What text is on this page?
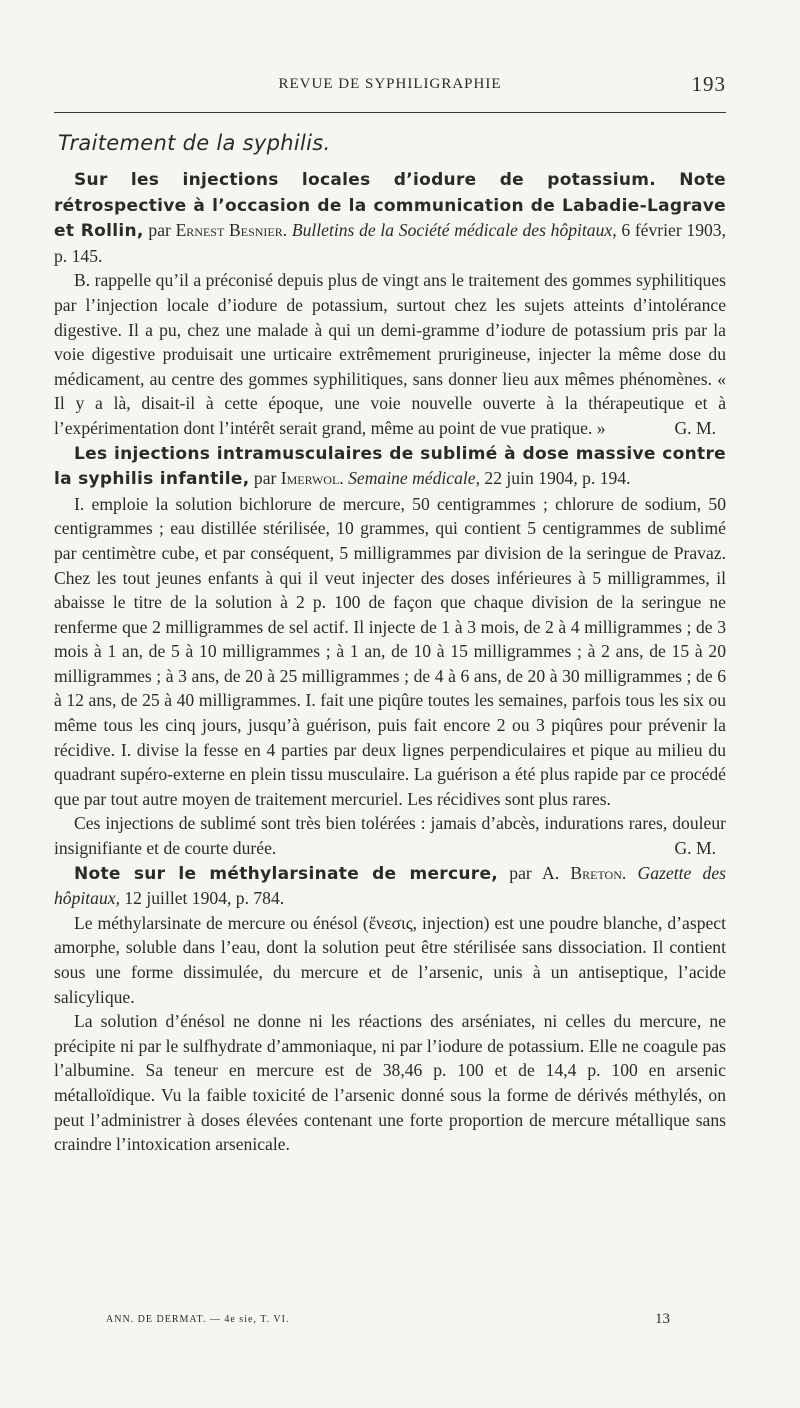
REVUE DE SYPHILIGRAPHIE	193
Traitement de la syphilis.

Sur les injections locales d’iodure de potassium. Note rétrospective à l’occasion de la communication de Labadie-Lagrave et Rollin, par Ernest Besnier. Bulletins de la Société médicale des hôpitaux, 6 février 1903, p. 145.

B. rappelle qu’il a préconisé depuis plus de vingt ans le traitement des gommes syphilitiques par l’injection locale d’iodure de potassium, surtout chez les sujets atteints d’intolérance digestive. Il a pu, chez une malade à qui un demi-gramme d’iodure de potassium pris par la voie digestive produisait une urticaire extrêmement prurigineuse, injecter la même dose du médicament, au centre des gommes syphilitiques, sans donner lieu aux mêmes phénomènes. « Il y a là, disait-il à cette époque, une voie nouvelle ouverte à la thérapeutique et à l’expérimentation dont l’intérêt serait grand, même au point de vue pratique. »	G. M.

Les injections intramusculaires de sublimé à dose massive contre la syphilis infantile, par Imerwol. Semaine médicale, 22 juin 1904, p. 194.

I. emploie la solution bichlorure de mercure, 50 centigrammes ; chlorure de sodium, 50 centigrammes ; eau distillée stérilisée, 10 grammes, qui contient 5 centigrammes de sublimé par centimètre cube, et par conséquent, 5 milligrammes par division de la seringue de Pravaz. Chez les tout jeunes enfants à qui il veut injecter des doses inférieures à 5 milligrammes, il abaisse le titre de la solution à 2 p. 100 de façon que chaque division de la seringue ne renferme que 2 milligrammes de sel actif. Il injecte de 1 à 3 mois, de 2 à 4 milligrammes ; de 3 mois à 1 an, de 5 à 10 milligrammes ; à 1 an, de 10 à 15 milligrammes ; à 2 ans, de 15 à 20 milligrammes ; à 3 ans, de 20 à 25 milligrammes ; de 4 à 6 ans, de 20 à 30 milligrammes ; de 6 à 12 ans, de 25 à 40 milligrammes. I. fait une piqûre toutes les semaines, parfois tous les six ou même tous les cinq jours, jusqu’à guérison, puis fait encore 2 ou 3 piqûres pour prévenir la récidive. I. divise la fesse en 4 parties par deux lignes perpendiculaires et pique au milieu du quadrant supéro-externe en plein tissu musculaire. La guérison a été plus rapide par ce procédé que par tout autre moyen de traitement mercuriel. Les récidives sont plus rares.

Ces injections de sublimé sont très bien tolérées : jamais d’abcès, indurations rares, douleur insignifiante et de courte durée.	G. M.

Note sur le méthylarsinate de mercure, par A. Breton. Gazette des hôpitaux, 12 juillet 1904, p. 784.

Le méthylarsinate de mercure ou énésol (ἔνεσις, injection) est une poudre blanche, d’aspect amorphe, soluble dans l’eau, dont la solution peut être stérilisée sans dissociation. Il contient sous une forme dissimulée, du mercure et de l’arsenic, unis à un antiseptique, l’acide salicylique.

La solution d’énésol ne donne ni les réactions des arséniates, ni celles du mercure, ne précipite ni par le sulfhydrate d’ammoniaque, ni par l’iodure de potassium. Elle ne coagule pas l’albumine. Sa teneur en mercure est de 38,46 p. 100 et de 14,4 p. 100 en arsenic métalloïdique. Vu la faible toxicité de l’arsenic donné sous la forme de dérivés méthylés, on peut l’administrer à doses élevées contenant une forte proportion de mercure métallique sans craindre l’intoxication arsenicale.

ANN. DE DERMAT. — 4e sie, T. VI.	13
